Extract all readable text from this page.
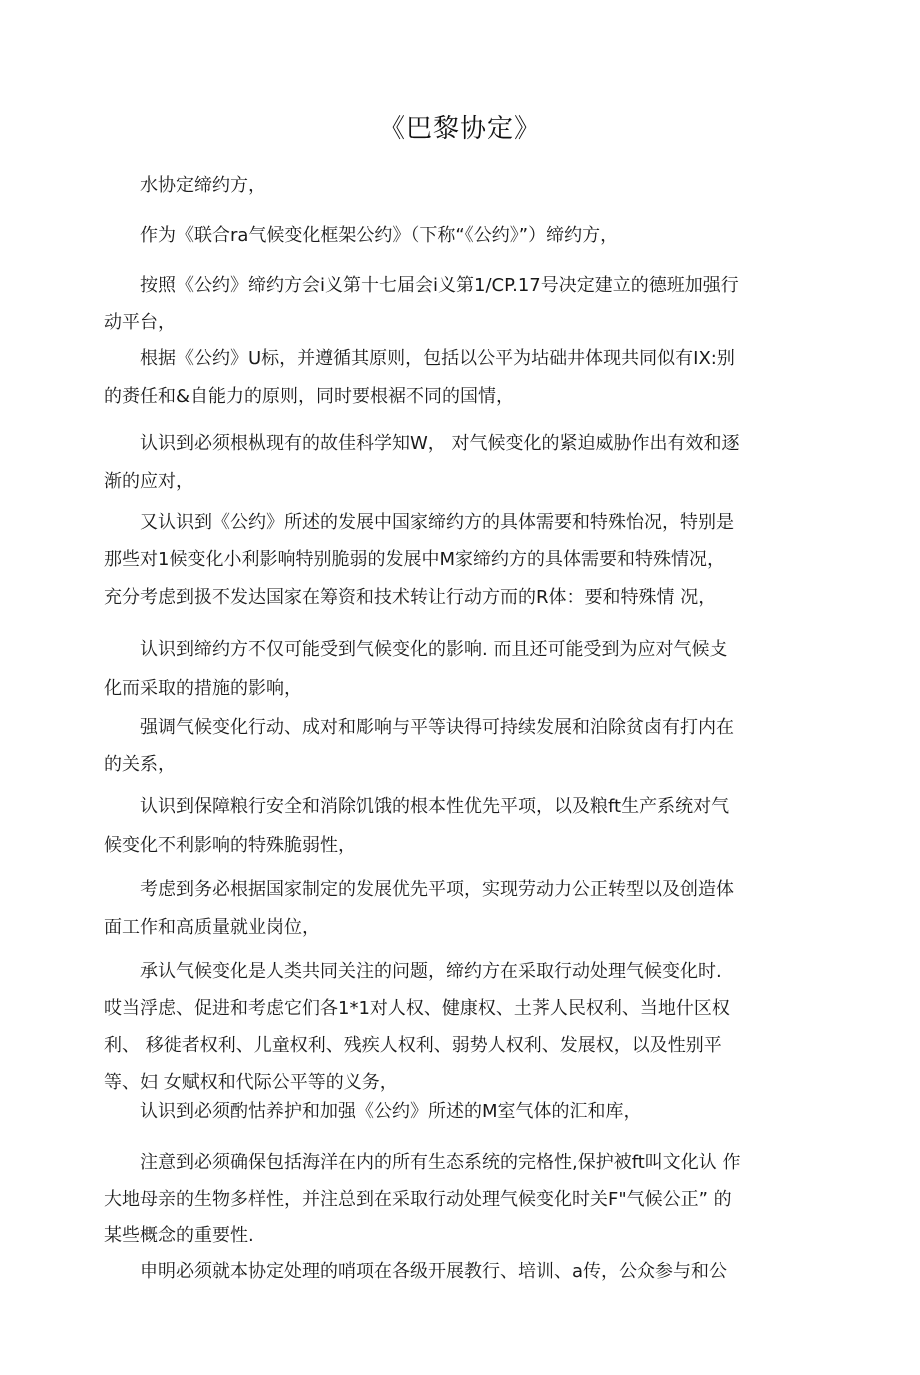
《巴黎协定》
水协定缔约方，
作为《联合ra气候变化框架公约》（下称“《公约》”）缔约方，
按照《公约》缔约方会i义第十七届会i义第1/CP.17号决定建立的德班加强行
动平台，
根据《公约》U标，并遵循其原则，包括以公平为坫础井体现共同似有IX:别
的赉任和&自能力的原则，同时要根裾不同的国情，
认识到必须根枞现有的故佳科学知W， 对气候变化的紧迫威胁作出有效和逐
渐的应对，
又认识到《公约》所述的发展中国家缔约方的具体需要和特殊怡况，特别是
那些对1候变化小利影响特别脆弱的发展中M家缔约方的具体需要和特殊情况，
充分考虑到扱不发达国家在筹资和技术转让行动方而的R体：要和特殊情 况，
认识到缔约方不仅可能受到气候变化的影响. 而且还可能受到为应对气候攴
化而采取的措施的影响，
强调气候变化行动、成对和彫响与平等诀得可持续发展和泊除贫卤有打内在
的关系，
认识到保障粮行安全和消除饥饿的根本性优先平项，以及粮ft生产系统对气
候变化不利影响的特殊脆弱性，
考虑到务必根据国家制定的发展优先平项，实现劳动力公正转型以及创造体
面工作和高质量就业岗位，
承认气候变化是人类共同关注的问题，缔约方在采取行动处理气候变化时.
哎当浮虑、促进和考虑它们各1*1对人权、健康权、土荠人民权利、当地什区权
利、 移徙者权利、儿童权利、残疾人权利、弱势人权利、发展权，以及性别平
等、妇 女赋权和代际公平等的义务，
认识到必须酌怙养护和加强《公约》所述的M室气体的汇和库，
注意到必须确保包括海洋在内的所有生态系统的完格性,保护被ft叫文化认 作
大地母亲的生物多样性，并注总到在采取行动处理气候变化时关F"气候公正” 的
某些概念的重要性.
申明必须就本协定处理的哨项在各级开展教行、培训、a传，公众参与和公
